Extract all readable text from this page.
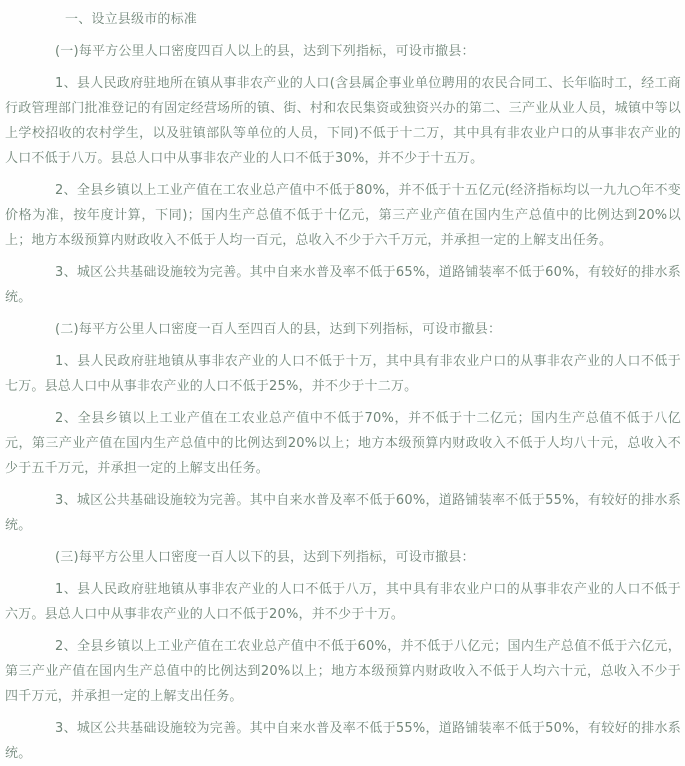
一、设立县级市的标准

(一)每平方公里人口密度四百人以上的县，达到下列指标，可设市撤县：

1、县人民政府驻地所在镇从事非农产业的人口(含县属企事业单位聘用的农民合同工、长年临时工，经工商行政管理部门批准登记的有固定经营场所的镇、街、村和农民集资或独资兴办的第二、三产业从业人员，城镇中等以上学校招收的农村学生，以及驻镇部队等单位的人员，下同)不低于十二万，其中具有非农业户口的从事非农产业的人口不低于八万。县总人口中从事非农产业的人口不低于30%，并不少于十五万。

2、全县乡镇以上工业产值在工农业总产值中不低于80%，并不低于十五亿元(经济指标均以一九九○年不变价格为准，按年度计算，下同)；国内生产总值不低于十亿元，第三产业产值在国内生产总值中的比例达到20%以上；地方本级预算内财政收入不低于人均一百元，总收入不少于六千万元，并承担一定的上解支出任务。

3、城区公共基础设施较为完善。其中自来水普及率不低于65%，道路铺装率不低于60%，有较好的排水系统。

(二)每平方公里人口密度一百人至四百人的县，达到下列指标，可设市撤县：

1、县人民政府驻地镇从事非农产业的人口不低于十万，其中具有非农业户口的从事非农产业的人口不低于七万。县总人口中从事非农产业的人口不低于25%，并不少于十二万。

2、全县乡镇以上工业产值在工农业总产值中不低于70%，并不低于十二亿元；国内生产总值不低于八亿元，第三产业产值在国内生产总值中的比例达到20%以上；地方本级预算内财政收入不低于人均八十元，总收入不少于五千万元，并承担一定的上解支出任务。

3、城区公共基础设施较为完善。其中自来水普及率不低于60%，道路铺装率不低于55%，有较好的排水系统。

(三)每平方公里人口密度一百人以下的县，达到下列指标，可设市撤县：

1、县人民政府驻地镇从事非农产业的人口不低于八万，其中具有非农业户口的从事非农产业的人口不低于六万。县总人口中从事非农产业的人口不低于20%，并不少于十万。

2、全县乡镇以上工业产值在工农业总产值中不低于60%，并不低于八亿元；国内生产总值不低于六亿元，第三产业产值在国内生产总值中的比例达到20%以上；地方本级预算内财政收入不低于人均六十元，总收入不少于四千万元，并承担一定的上解支出任务。

3、城区公共基础设施较为完善。其中自来水普及率不低于55%，道路铺装率不低于50%，有较好的排水系统。
